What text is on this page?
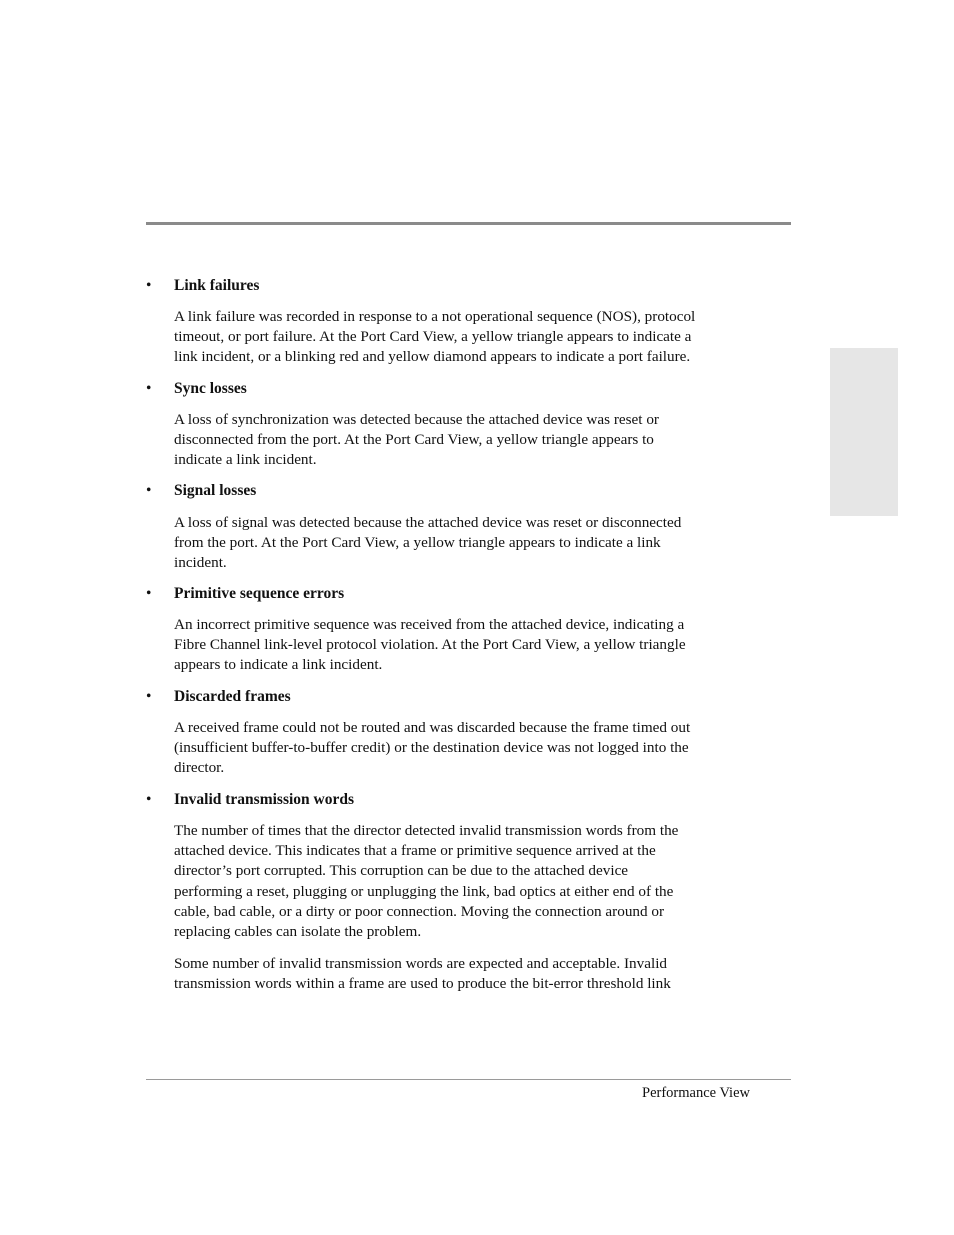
•	Link failures
A link failure was recorded in response to a not operational sequence (NOS), protocol
timeout, or port failure. At the Port Card View, a yellow triangle appears to indicate a
link incident, or a blinking red and yellow diamond appears to indicate a port failure.
•	Sync losses
A loss of synchronization was detected because the attached device was reset or
disconnected from the port. At the Port Card View, a yellow triangle appears to
indicate a link incident.
•	Signal losses
A loss of signal was detected because the attached device was reset or disconnected
from the port. At the Port Card View, a yellow triangle appears to indicate a link
incident.
•	Primitive sequence errors
An incorrect primitive sequence was received from the attached device, indicating a
Fibre Channel link-level protocol violation. At the Port Card View, a yellow triangle
appears to indicate a link incident.
•	Discarded frames
A received frame could not be routed and was discarded because the frame timed out
(insufficient buffer-to-buffer credit) or the destination device was not logged into the
director.
•	Invalid transmission words
The number of times that the director detected invalid transmission words from the
attached device. This indicates that a frame or primitive sequence arrived at the
director’s port corrupted. This corruption can be due to the attached device
performing a reset, plugging or unplugging the link, bad optics at either end of the
cable, bad cable, or a dirty or poor connection. Moving the connection around or
replacing cables can isolate the problem.
Some number of invalid transmission words are expected and acceptable. Invalid
transmission words within a frame are used to produce the bit-error threshold link
Performance View
